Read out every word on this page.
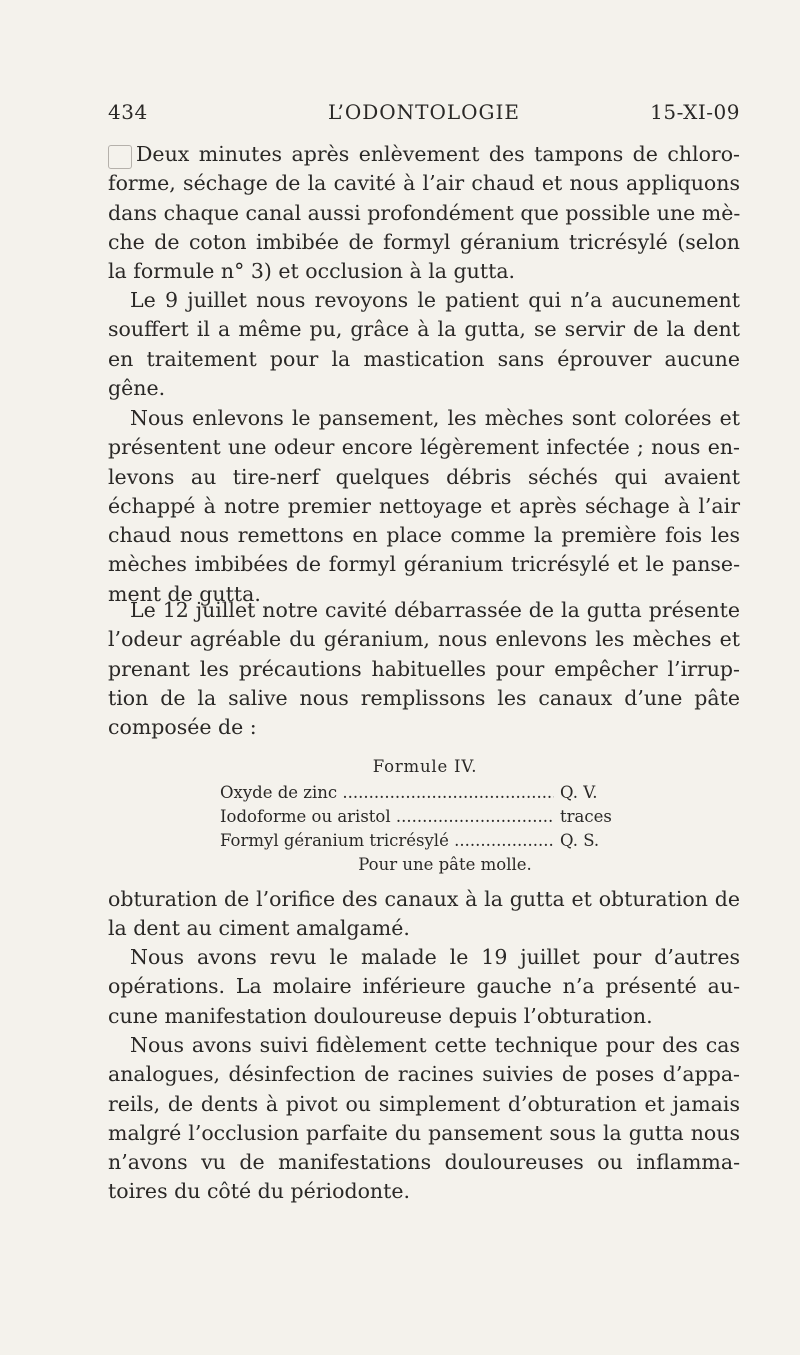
434	L’ODONTOLOGIE	15-XI-09
Deux minutes après enlèvement des tampons de chloro-
forme, séchage de la cavité à l’air chaud et nous appliquons
dans chaque canal aussi profondément que possible une mè-
che de coton imbibée de formyl géranium tricrésylé (selon
la formule n° 3) et occlusion à la gutta.
Le 9 juillet nous revoyons le patient qui n’a aucunement
souffert il a même pu, grâce à la gutta, se servir de la dent
en traitement pour la mastication sans éprouver aucune
gêne.
Nous enlevons le pansement, les mèches sont colorées et
présentent une odeur encore légèrement infectée ; nous en-
levons au tire-nerf quelques débris séchés qui avaient
échappé à notre premier nettoyage et après séchage à l’air
chaud nous remettons en place comme la première fois les
mèches imbibées de formyl géranium tricrésylé et le panse-
ment de gutta.
Le 12 juillet notre cavité débarrassée de la gutta présente
l’odeur agréable du géranium, nous enlevons les mèches et
prenant les précautions habituelles pour empêcher l’irrup-
tion de la salive nous remplissons les canaux d’une pâte
composée de :
Formule IV.
Oxyde de zinc .....	Q. V.
Iodoforme ou aristol .....	traces
Formyl géranium tricrésylé .....	Q. S.
Pour une pâte molle.
obturation de l’orifice des canaux à la gutta et obturation de
la dent au ciment amalgamé.
Nous avons revu le malade le 19 juillet pour d’autres
opérations. La molaire inférieure gauche n’a présenté au-
cune manifestation douloureuse depuis l’obturation.
Nous avons suivi fidèlement cette technique pour des cas
analogues, désinfection de racines suivies de poses d’appa-
reils, de dents à pivot ou simplement d’obturation et jamais
malgré l’occlusion parfaite du pansement sous la gutta nous
n’avons vu de manifestations douloureuses ou inflamma-
toires du côté du périodonte.
